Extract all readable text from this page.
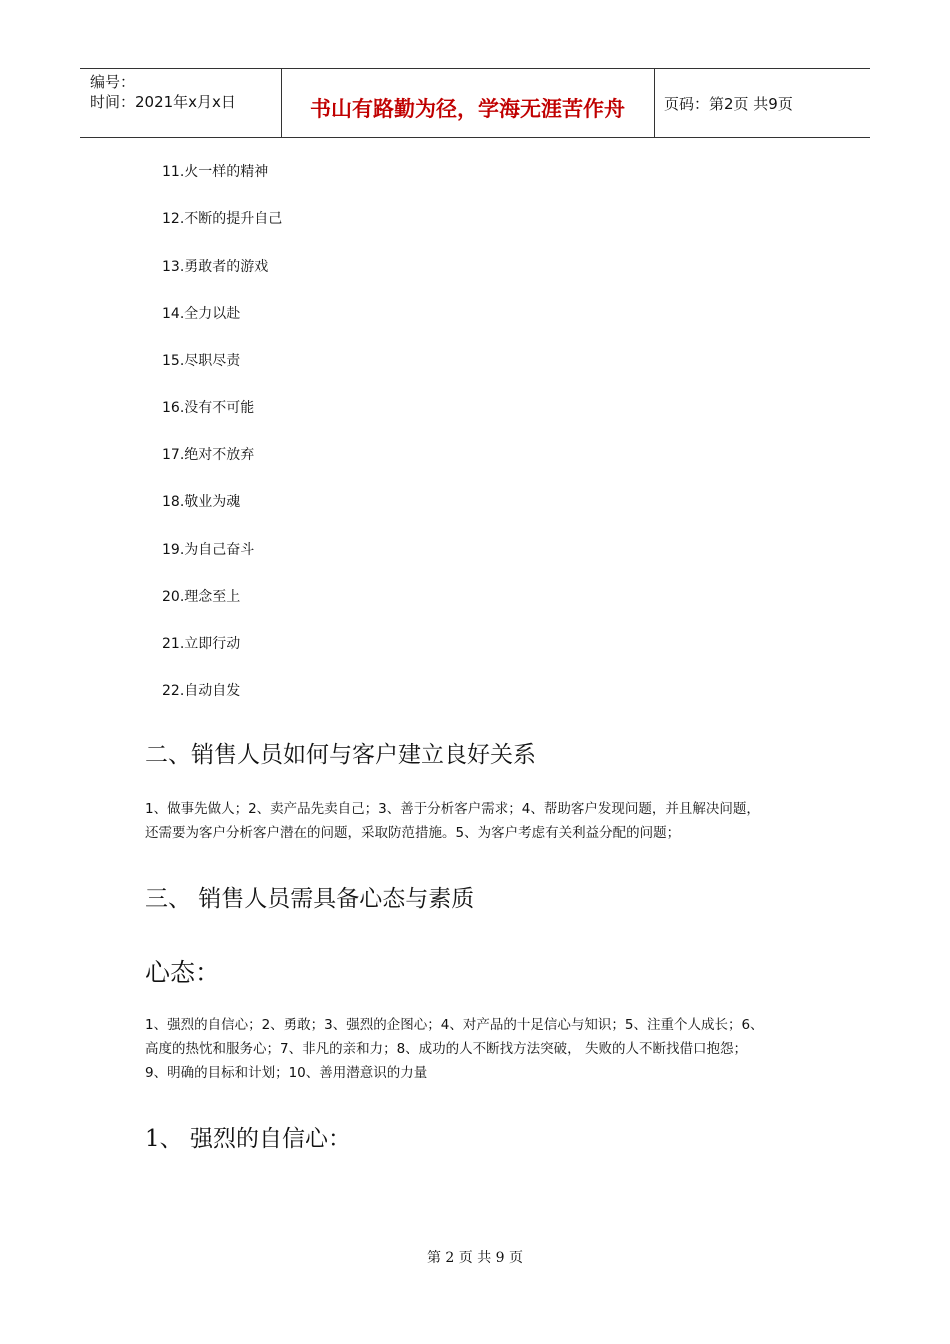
编号：
时间：2021年x月x日	书山有路勤为径，学海无涯苦作舟	页码：第2页 共9页
11.火一样的精神
12.不断的提升自己
13.勇敢者的游戏
14.全力以赴
15.尽职尽责
16.没有不可能
17.绝对不放弃
18.敬业为魂
19.为自己奋斗
20.理念至上
21.立即行动
22.自动自发
二、销售人员如何与客户建立良好关系
1、做事先做人；2、卖产品先卖自己；3、善于分析客户需求；4、帮助客户发现问题，并且解决问题，
还需要为客户分析客户潜在的问题，采取防范措施。5、为客户考虑有关利益分配的问题；
三、 销售人员需具备心态与素质
心态：
1、强烈的自信心；2、勇敢；3、强烈的企图心；4、对产品的十足信心与知识；5、注重个人成长；6、
高度的热忱和服务心；7、非凡的亲和力；8、成功的人不断找方法突破， 失败的人不断找借口抱怨；
9、明确的目标和计划；10、善用潜意识的力量
1、 强烈的自信心：
第 2 页 共 9 页
